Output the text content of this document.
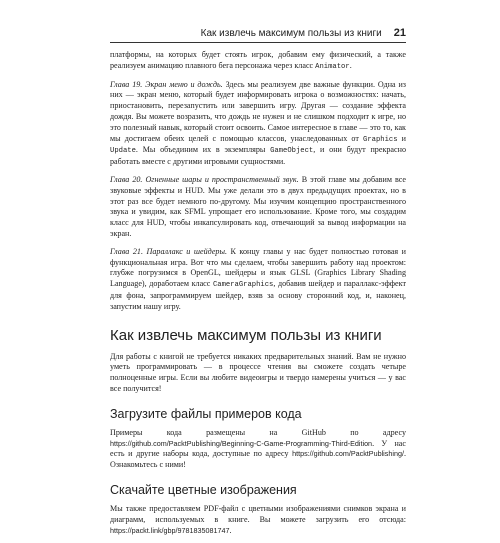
Как извлечь максимум пользы из книги 21

платформы, на которых будет стоять игрок, добавим ему физический, а также реализуем анимацию плавного бега персонажа через класс Animator.

Глава 19. Экран меню и дождь. Здесь мы реализуем две важные функции. Одна из них — экран меню, который будет информировать игрока о возможностях: начать, приостановить, перезапустить или завершить игру. Другая — создание эффекта дождя. Вы можете возразить, что дождь не нужен и не слишком подходит к игре, но это полезный навык, который стоит освоить. Самое интересное в главе — это то, как мы достигаем обеих целей с помощью классов, унаследованных от Graphics и Update. Мы объединим их в экземпляры GameObject, и они будут прекрасно работать вместе с другими игровыми сущностями.

Глава 20. Огненные шары и пространственный звук. В этой главе мы добавим все звуковые эффекты и HUD. Мы уже делали это в двух предыдущих проектах, но в этот раз все будет немного по-другому. Мы изучим концепцию пространственного звука и увидим, как SFML упрощает его использование. Кроме того, мы создадим класс для HUD, чтобы инкапсулировать код, отвечающий за вывод информации на экран.

Глава 21. Параллакс и шейдеры. К концу главы у нас будет полностью готовая и функциональная игра. Вот что мы сделаем, чтобы завершить работу над проектом: глубже погрузимся в OpenGL, шейдеры и язык GLSL (Graphics Library Shading Language), доработаем класс CameraGraphics, добавив шейдер и параллакс-эффект для фона, запрограммируем шейдер, взяв за основу сторонний код, и, наконец, запустим нашу игру.

Как извлечь максимум пользы из книги

Для работы с книгой не требуется никаких предварительных знаний. Вам не нужно уметь программировать — в процессе чтения вы сможете создать четыре полноценные игры. Если вы любите видеоигры и твердо намерены учиться — у вас все получится!

Загрузите файлы примеров кода

Примеры кода размещены на GitHub по адресу https://github.com/PacktPublishing/Beginning-C-Game-Programming-Third-Edition. У нас есть и другие наборы кода, доступные по адресу https://github.com/PacktPublishing/. Ознакомьтесь с ними!

Скачайте цветные изображения

Мы также предоставляем PDF-файл с цветными изображениями снимков экрана и диаграмм, используемых в книге. Вы можете загрузить его отсюда: https://packt.link/gbp/9781835081747.
